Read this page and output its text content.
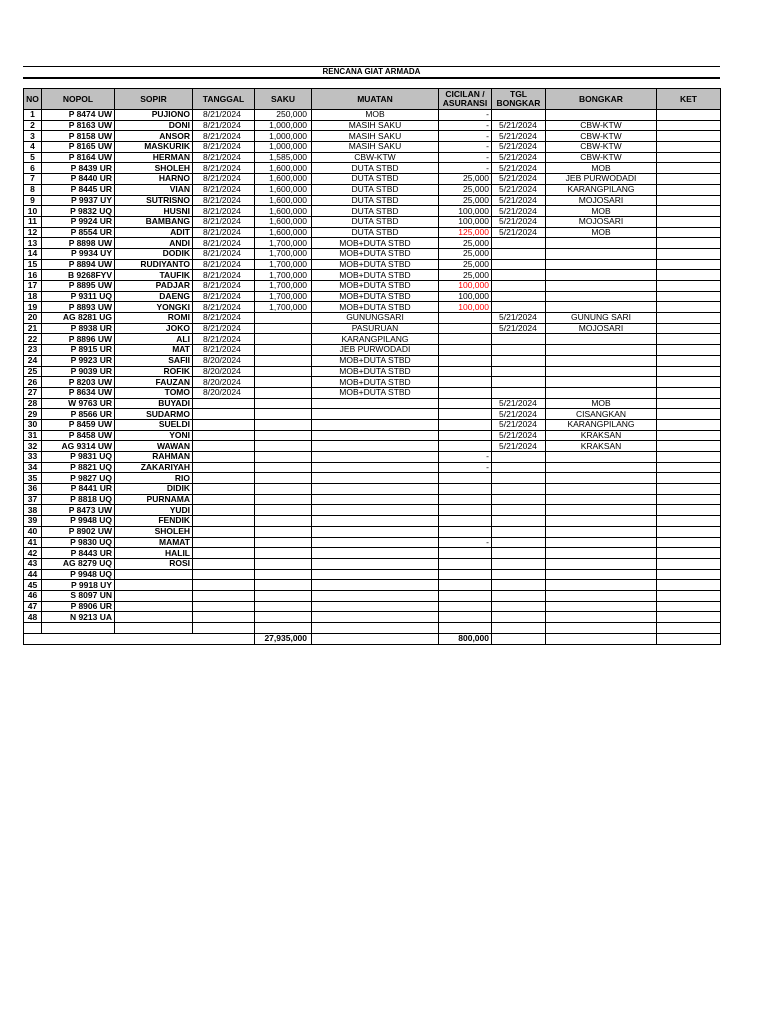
RENCANA GIAT ARMADA
NO	NOPOL	SOPIR	TANGGAL	SAKU	MUATAN	CICILAN /
ASURANSI	TGL
BONGKAR	BONGKAR	KET
1	P 8474 UW	PUJIONO	8/21/2024	250,000	MOB	-			
2	P 8163 UW	DONI	8/21/2024	1,000,000	MASIH SAKU	-	5/21/2024	CBW-KTW	
3	P 8158 UW	ANSOR	8/21/2024	1,000,000	MASIH SAKU	-	5/21/2024	CBW-KTW	
4	P 8165 UW	MASKURIK	8/21/2024	1,000,000	MASIH SAKU	-	5/21/2024	CBW-KTW	
5	P 8164 UW	HERMAN	8/21/2024	1,585,000	CBW-KTW	-	5/21/2024	CBW-KTW	
6	P 8439 UR	SHOLEH	8/21/2024	1,600,000	DUTA STBD	-	5/21/2024	MOB	
7	P 8440 UR	HARNO	8/21/2024	1,600,000	DUTA STBD	25,000	5/21/2024	JEB PURWODADI	
8	P 8445 UR	VIAN	8/21/2024	1,600,000	DUTA STBD	25,000	5/21/2024	KARANGPILANG	
9	P 9937 UY	SUTRISNO	8/21/2024	1,600,000	DUTA STBD	25,000	5/21/2024	MOJOSARI	
10	P 9832 UQ	HUSNI	8/21/2024	1,600,000	DUTA STBD	100,000	5/21/2024	MOB	
11	P 9924 UR	BAMBANG	8/21/2024	1,600,000	DUTA STBD	100,000	5/21/2024	MOJOSARI	
12	P 8554 UR	ADIT	8/21/2024	1,600,000	DUTA STBD	125,000	5/21/2024	MOB	
13	P 8898 UW	ANDI	8/21/2024	1,700,000	MOB+DUTA STBD	25,000			
14	P 9934 UY	DODIK	8/21/2024	1,700,000	MOB+DUTA STBD	25,000			
15	P 8894 UW	RUDIYANTO	8/21/2024	1,700,000	MOB+DUTA STBD	25,000			
16	B 9268FYV	TAUFIK	8/21/2024	1,700,000	MOB+DUTA STBD	25,000			
17	P 8895 UW	PADJAR	8/21/2024	1,700,000	MOB+DUTA STBD	100,000			
18	P 9311 UQ	DAENG	8/21/2024	1,700,000	MOB+DUTA STBD	100,000			
19	P 8893 UW	YONGKI	8/21/2024	1,700,000	MOB+DUTA STBD	100,000			
20	AG 8281 UG	ROMI	8/21/2024		GUNUNGSARI		5/21/2024	GUNUNG SARI	
21	P 8938 UR	JOKO	8/21/2024		PASURUAN		5/21/2024	MOJOSARI	
22	P 8896 UW	ALI	8/21/2024		KARANGPILANG				
23	P 8915 UR	MAT	8/21/2024		JEB PURWODADI				
24	P 9923 UR	SAFII	8/20/2024		MOB+DUTA STBD				
25	P 9039 UR	ROFIK	8/20/2024		MOB+DUTA STBD				
26	P 8203 UW	FAUZAN	8/20/2024		MOB+DUTA STBD				
27	P 8634 UW	TOMO	8/20/2024		MOB+DUTA STBD				
28	W 9763 UR	BUYADI					5/21/2024	MOB	
29	P 8566 UR	SUDARMO					5/21/2024	CISANGKAN	
30	P 8459 UW	SUELDI					5/21/2024	KARANGPILANG	
31	P 8458 UW	YONI					5/21/2024	KRAKSAN	
32	AG 9314 UW	WAWAN					5/21/2024	KRAKSAN	
33	P 9831 UQ	RAHMAN				-			
34	P 8821 UQ	ZAKARIYAH				-			
35	P 9827 UQ	RIO							
36	P 8441 UR	DIDIK							
37	P 8818 UQ	PURNAMA							
38	P 8473 UW	YUDI							
39	P 9948 UQ	FENDIK							
40	P 8902 UW	SHOLEH							
41	P 9830 UQ	MAMAT				-			
42	P 8443 UR	HALIL							
43	AG 8279 UQ	ROSI							
44	P 9948 UQ								
45	P 9918 UY								
46	S 8097 UN								
47	P 8906 UR								
48	N 9213 UA								

				27,935,000		800,000			
